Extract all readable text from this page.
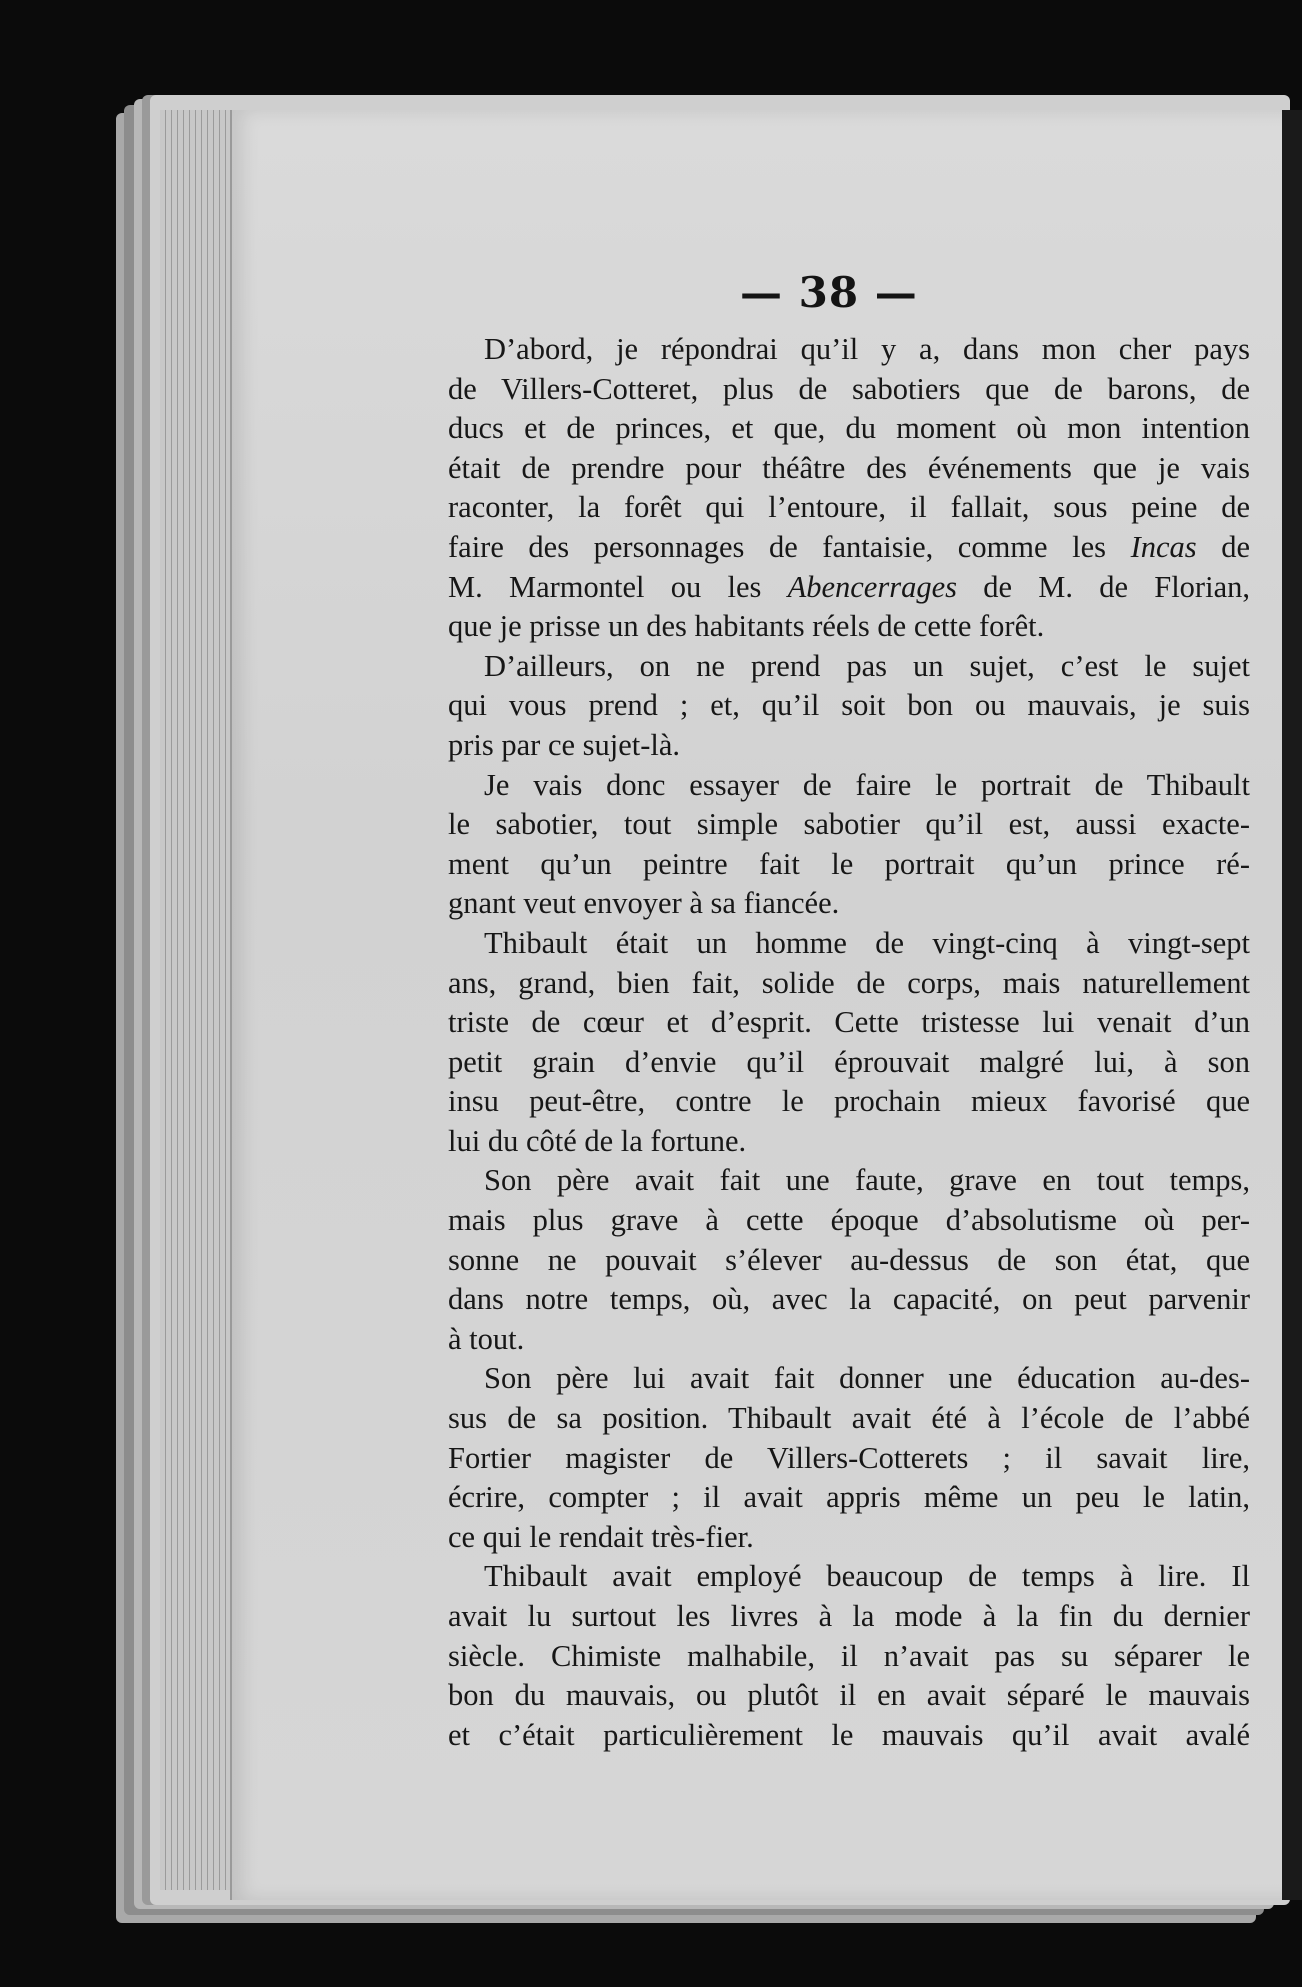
— 38 —
D’abord, je répondrai qu’il y a, dans mon cher pays
de Villers-Cotteret, plus de sabotiers que de barons, de
ducs et de princes, et que, du moment où mon intention
était de prendre pour théâtre des événements que je vais
raconter, la forêt qui l’entoure, il fallait, sous peine de
faire des personnages de fantaisie, comme les Incas de
M. Marmontel ou les Abencerrages de M. de Florian,
que je prisse un des habitants réels de cette forêt.
D’ailleurs, on ne prend pas un sujet, c’est le sujet
qui vous prend ; et, qu’il soit bon ou mauvais, je suis
pris par ce sujet-là.
Je vais donc essayer de faire le portrait de Thibault
le sabotier, tout simple sabotier qu’il est, aussi exacte-
ment qu’un peintre fait le portrait qu’un prince ré-
gnant veut envoyer à sa fiancée.
Thibault était un homme de vingt-cinq à vingt-sept
ans, grand, bien fait, solide de corps, mais naturellement
triste de cœur et d’esprit. Cette tristesse lui venait d’un
petit grain d’envie qu’il éprouvait malgré lui, à son
insu peut-être, contre le prochain mieux favorisé que
lui du côté de la fortune.
Son père avait fait une faute, grave en tout temps,
mais plus grave à cette époque d’absolutisme où per-
sonne ne pouvait s’élever au-dessus de son état, que
dans notre temps, où, avec la capacité, on peut parvenir
à tout.
Son père lui avait fait donner une éducation au-des-
sus de sa position. Thibault avait été à l’école de l’abbé
Fortier magister de Villers-Cotterets ; il savait lire,
écrire, compter ; il avait appris même un peu le latin,
ce qui le rendait très-fier.
Thibault avait employé beaucoup de temps à lire. Il
avait lu surtout les livres à la mode à la fin du dernier
siècle. Chimiste malhabile, il n’avait pas su séparer le
bon du mauvais, ou plutôt il en avait séparé le mauvais
et c’était particulièrement le mauvais qu’il avait avalé
